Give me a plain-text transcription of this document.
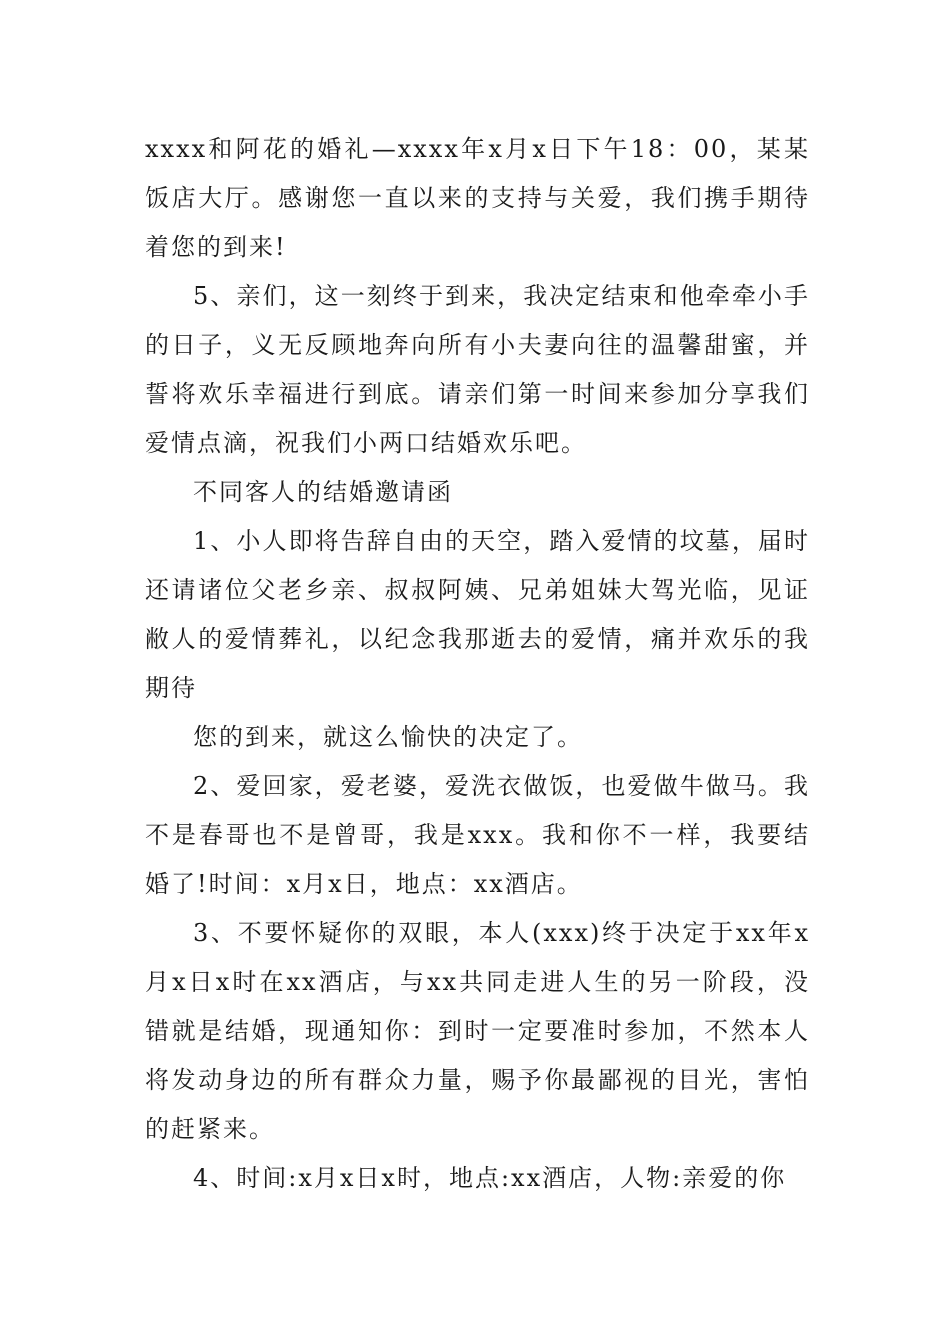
xxxx和阿花的婚礼—xxxx年x月x日下午18：00，某某饭店大厅。感谢您一直以来的支持与关爱，我们携手期待着您的到来!

5、亲们，这一刻终于到来，我决定结束和他牵牵小手的日子，义无反顾地奔向所有小夫妻向往的温馨甜蜜，并誓将欢乐幸福进行到底。请亲们第一时间来参加分享我们爱情点滴，祝我们小两口结婚欢乐吧。

不同客人的结婚邀请函

1、小人即将告辞自由的天空，踏入爱情的坟墓，届时还请诸位父老乡亲、叔叔阿姨、兄弟姐妹大驾光临，见证敝人的爱情葬礼，以纪念我那逝去的爱情，痛并欢乐的我期待

您的到来，就这么愉快的决定了。

2、爱回家，爱老婆，爱洗衣做饭，也爱做牛做马。我不是春哥也不是曾哥，我是xxx。我和你不一样，我要结婚了!时间：x月x日，地点：xx酒店。

3、不要怀疑你的双眼，本人(xxx)终于决定于xx年x月x日x时在xx酒店，与xx共同走进人生的另一阶段，没错就是结婚，现通知你：到时一定要准时参加，不然本人将发动身边的所有群众力量，赐予你最鄙视的目光，害怕的赶紧来。

4、时间:x月x日x时，地点:xx酒店，人物:亲爱的你
